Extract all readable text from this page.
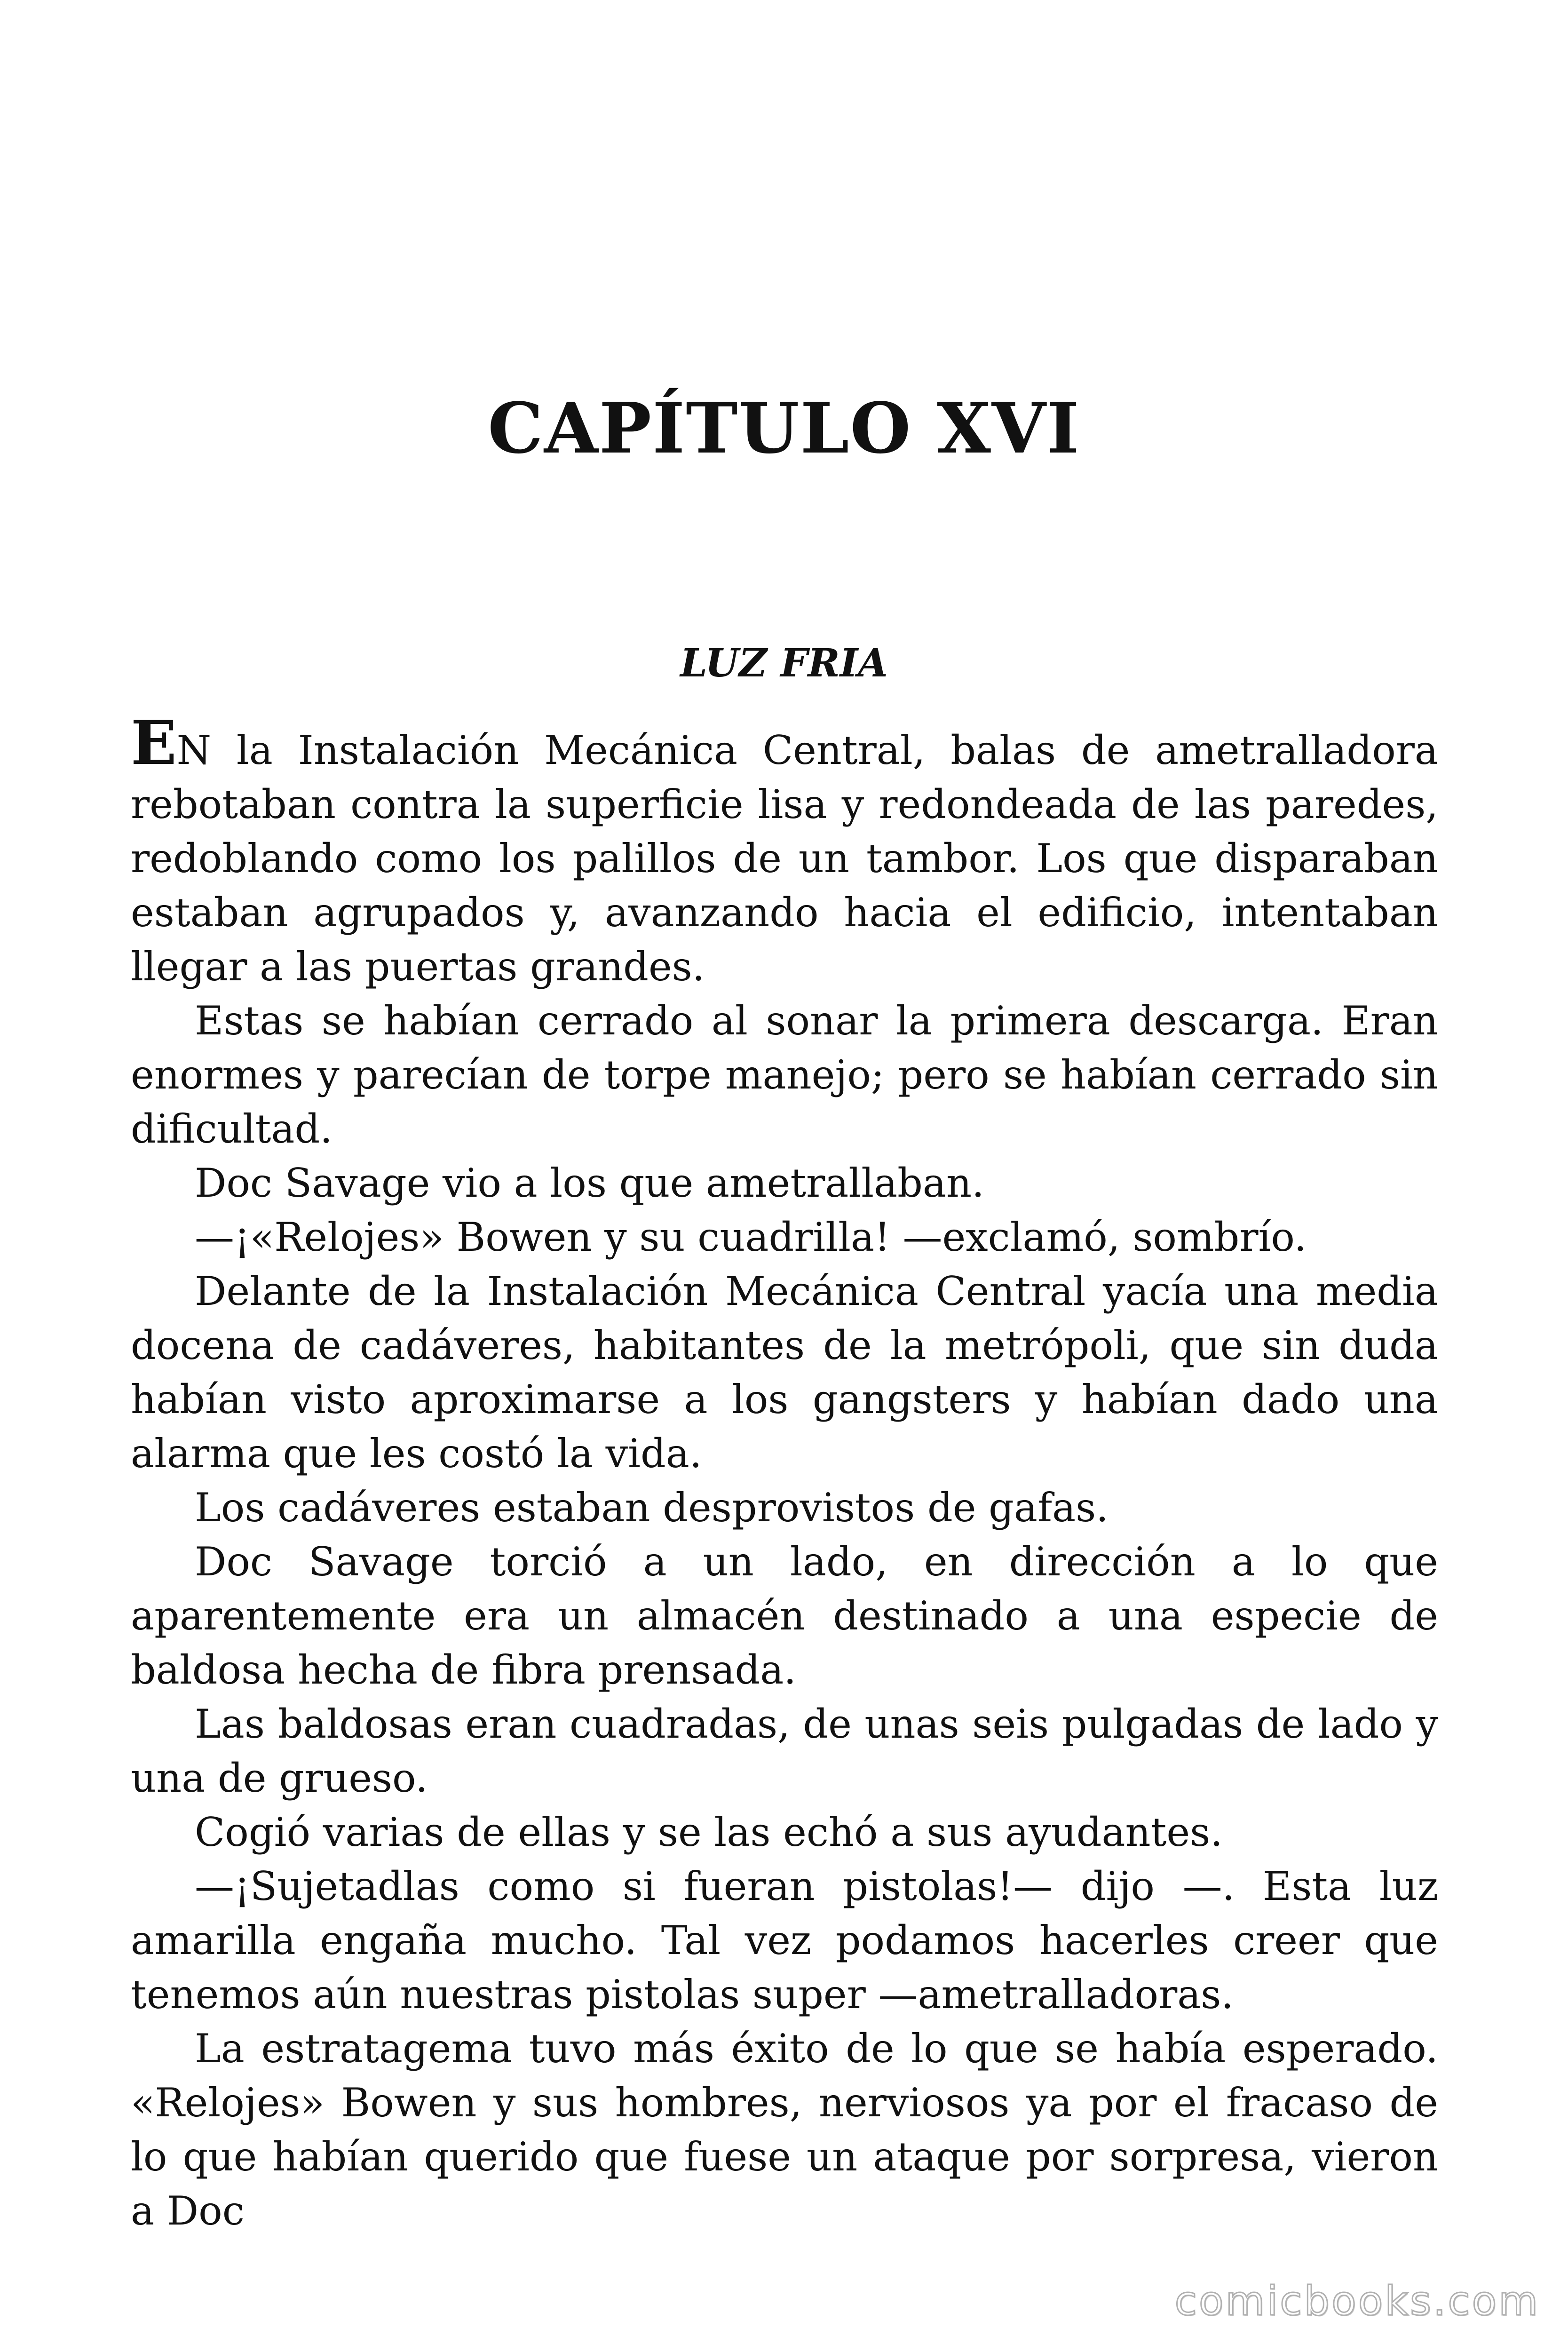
CAPÍTULO XVI
LUZ FRIA

EN la Instalación Mecánica Central, balas de ametralladora rebotaban contra la superficie lisa y redondeada de las paredes, redoblando como los palillos de un tambor. Los que disparaban estaban agrupados y, avanzando hacia el edificio, intentaban llegar a las puertas grandes.

Estas se habían cerrado al sonar la primera descarga. Eran enormes y parecían de torpe manejo; pero se habían cerrado sin dificultad.

Doc Savage vio a los que ametrallaban.

—¡«Relojes» Bowen y su cuadrilla! —exclamó, sombrío.

Delante de la Instalación Mecánica Central yacía una media docena de cadáveres, habitantes de la metrópoli, que sin duda habían visto aproximarse a los gangsters y habían dado una alarma que les costó la vida.

Los cadáveres estaban desprovistos de gafas.

Doc Savage torció a un lado, en dirección a lo que aparentemente era un almacén destinado a una especie de baldosa hecha de fibra prensada.

Las baldosas eran cuadradas, de unas seis pulgadas de lado y una de grueso.

Cogió varias de ellas y se las echó a sus ayudantes.

—¡Sujetadlas como si fueran pistolas!— dijo —. Esta luz amarilla engaña mucho. Tal vez podamos hacerles creer que tenemos aún nuestras pistolas super —ametralladoras.

La estratagema tuvo más éxito de lo que se había esperado. «Relojes» Bowen y sus hombres, nerviosos ya por el fracaso de lo que habían querido que fuese un ataque por sorpresa, vieron a Doc

comicbooks.com
